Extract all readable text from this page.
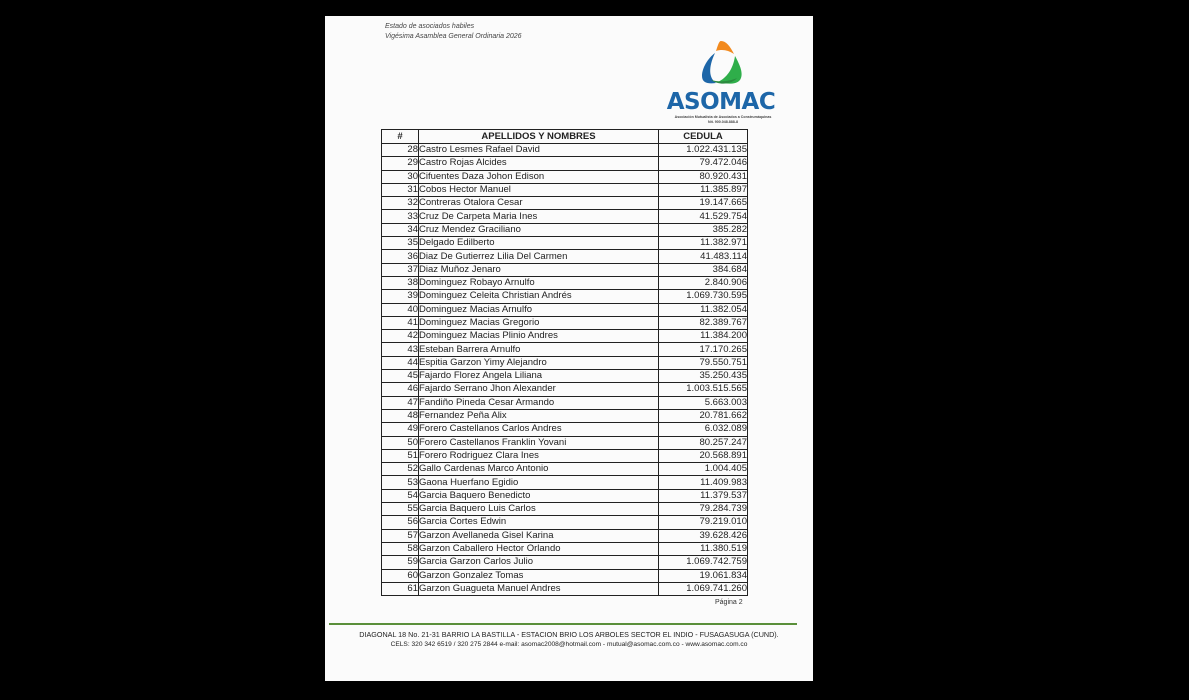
Estado de asociados habiles
Vigésima Asamblea General Ordinaria 2026
ASOMAC
Asociación Mutualista de Asociados a Construmáquinas
Nit. 900.048.888-8
#	APELLIDOS Y NOMBRES	CEDULA
28	Castro Lesmes Rafael David	1.022.431.135
29	Castro Rojas Alcides	79.472.046
30	Cifuentes Daza Johon Edison	80.920.431
31	Cobos Hector Manuel	11.385.897
32	Contreras Otalora Cesar	19.147.665
33	Cruz De Carpeta Maria Ines	41.529.754
34	Cruz Mendez Graciliano	385.282
35	Delgado Edilberto	11.382.971
36	Diaz De Gutierrez Lilia Del Carmen	41.483.114
37	Diaz Muñoz Jenaro	384.684
38	Dominguez Robayo Arnulfo	2.840.906
39	Dominguez Celeita Christian Andrés	1.069.730.595
40	Dominguez Macias Arnulfo	11.382.054
41	Dominguez Macias Gregorio	82.389.767
42	Dominguez Macias Plinio Andres	11.384.200
43	Esteban Barrera Arnulfo	17.170.265
44	Espitia Garzon Yimy Alejandro	79.550.751
45	Fajardo Florez Angela Liliana	35.250.435
46	Fajardo Serrano Jhon Alexander	1.003.515.565
47	Fandiño Pineda Cesar Armando	5.663.003
48	Fernandez Peña Alix	20.781.662
49	Forero Castellanos Carlos Andres	6.032.089
50	Forero Castellanos Franklin Yovani	80.257.247
51	Forero Rodriguez Clara Ines	20.568.891
52	Gallo Cardenas Marco Antonio	1.004.405
53	Gaona Huerfano Egidio	11.409.983
54	Garcia Baquero Benedicto	11.379.537
55	Garcia Baquero Luis Carlos	79.284.739
56	Garcia Cortes Edwin	79.219.010
57	Garzon Avellaneda Gisel Karina	39.628.426
58	Garzon Caballero Hector Orlando	11.380.519
59	Garcia Garzon Carlos Julio	1.069.742.759
60	Garzon Gonzalez Tomas	19.061.834
61	Garzon Guagueta Manuel Andres	1.069.741.260
Página 2
DIAGONAL 18 No. 21-31 BARRIO LA BASTILLA - ESTACION BRIO LOS ARBOLES SECTOR EL INDIO - FUSAGASUGA (CUND).
CELS: 320 342 6519 / 320 275 2844 e-mail: asomac2008@hotmail.com - mutual@asomac.com.co - www.asomac.com.co
